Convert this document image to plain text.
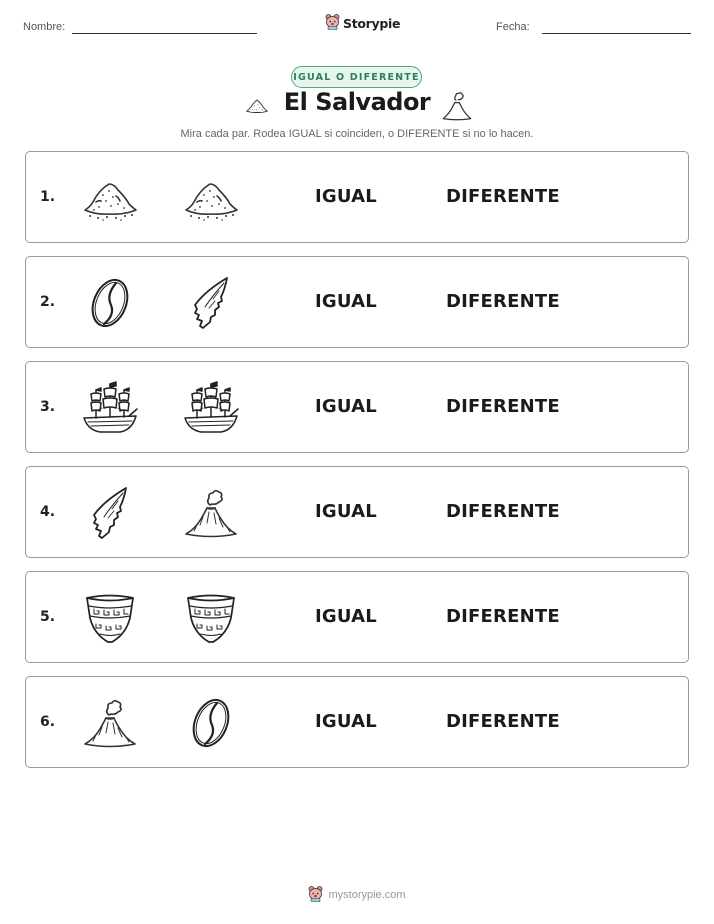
Nombre:	Storypie	Fecha:
IGUAL O DIFERENTE
El Salvador
Mira cada par. Rodea IGUAL si coinciden, o DIFERENTE si no lo hacen.
1.	IGUAL	DIFERENTE
2.	IGUAL	DIFERENTE
3.	IGUAL	DIFERENTE
4.	IGUAL	DIFERENTE
5.	IGUAL	DIFERENTE
6.	IGUAL	DIFERENTE
mystorypie.com
